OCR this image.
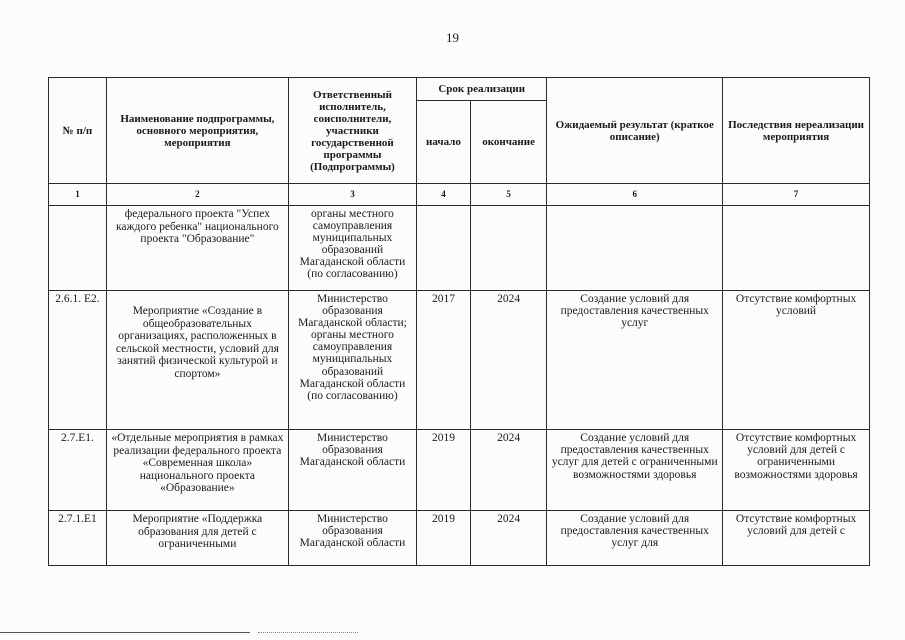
19
№ п/п	Наименование подпрограммы, основного мероприятия, мероприятия	Ответственный исполнитель, соисполнители, участники государственной программы (Подпрограммы)	Срок реализации		Ожидаемый результат (краткое описание)	Последствия нереализации мероприятия
			начало	окончание		
1	2	3	4	5	6	7
	федерального проекта "Успех каждого ребенка" национального проекта "Образование"	органы местного самоуправления муниципальных образований Магаданской области (по согласованию)				
2.6.1. E2.	Мероприятие «Создание в общеобразовательных организациях, расположенных в сельской местности, условий для занятий физической культурой и спортом»	Министерство образования Магаданской области; органы местного самоуправления муниципальных образований Магаданской области (по согласованию)	2017	2024	Создание условий для предоставления качественных услуг	Отсутствие комфортных условий
2.7.E1.	«Отдельные мероприятия в рамках реализации федерального проекта «Современная школа» национального проекта «Образование»	Министерство образования Магаданской области	2019	2024	Создание условий для предоставления качественных услуг для детей с ограниченными возможностями здоровья	Отсутствие комфортных условий для детей с ограниченными возможностями здоровья
2.7.1.E1	Мероприятие «Поддержка образования для детей с ограниченными	Министерство образования Магаданской области	2019	2024	Создание условий для предоставления качественных услуг для	Отсутствие комфортных условий для детей с
